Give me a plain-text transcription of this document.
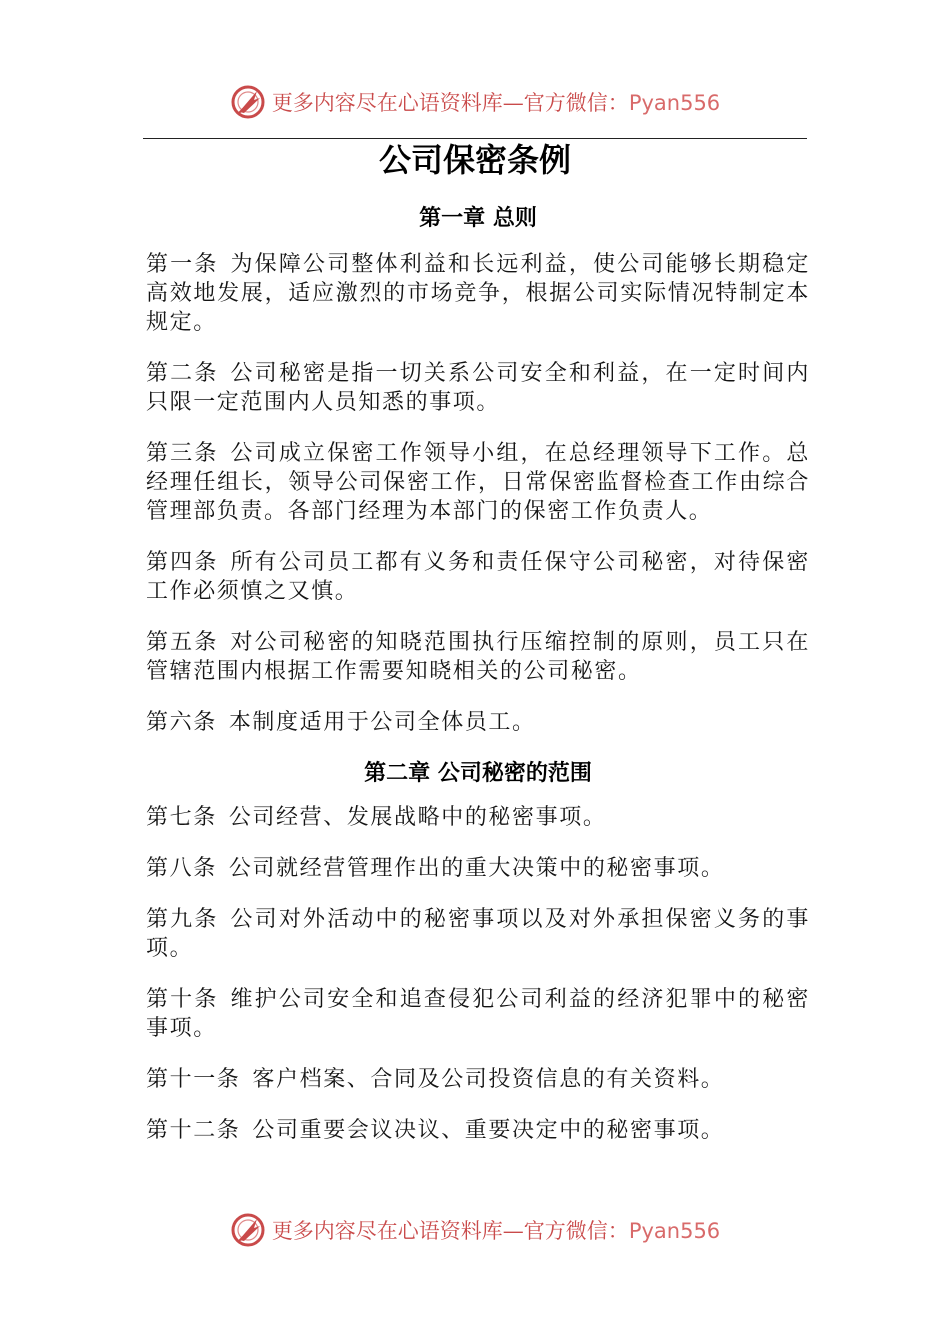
更多内容尽在心语资料库—官方微信：Pyan556
公司保密条例
第一章 总则

第一条 为保障公司整体利益和长远利益，使公司能够长期稳定高效地发展，适应激烈的市场竞争，根据公司实际情况特制定本规定。

第二条 公司秘密是指一切关系公司安全和利益，在一定时间内只限一定范围内人员知悉的事项。

第三条 公司成立保密工作领导小组，在总经理领导下工作。总经理任组长，领导公司保密工作，日常保密监督检查工作由综合管理部负责。各部门经理为本部门的保密工作负责人。

第四条 所有公司员工都有义务和责任保守公司秘密，对待保密工作必须慎之又慎。

第五条 对公司秘密的知晓范围执行压缩控制的原则，员工只在管辖范围内根据工作需要知晓相关的公司秘密。

第六条 本制度适用于公司全体员工。

第二章 公司秘密的范围

第七条 公司经营、发展战略中的秘密事项。

第八条 公司就经营管理作出的重大决策中的秘密事项。

第九条 公司对外活动中的秘密事项以及对外承担保密义务的事项。

第十条 维护公司安全和追查侵犯公司利益的经济犯罪中的秘密事项。

第十一条 客户档案、合同及公司投资信息的有关资料。

第十二条 公司重要会议决议、重要决定中的秘密事项。

更多内容尽在心语资料库—官方微信：Pyan556
